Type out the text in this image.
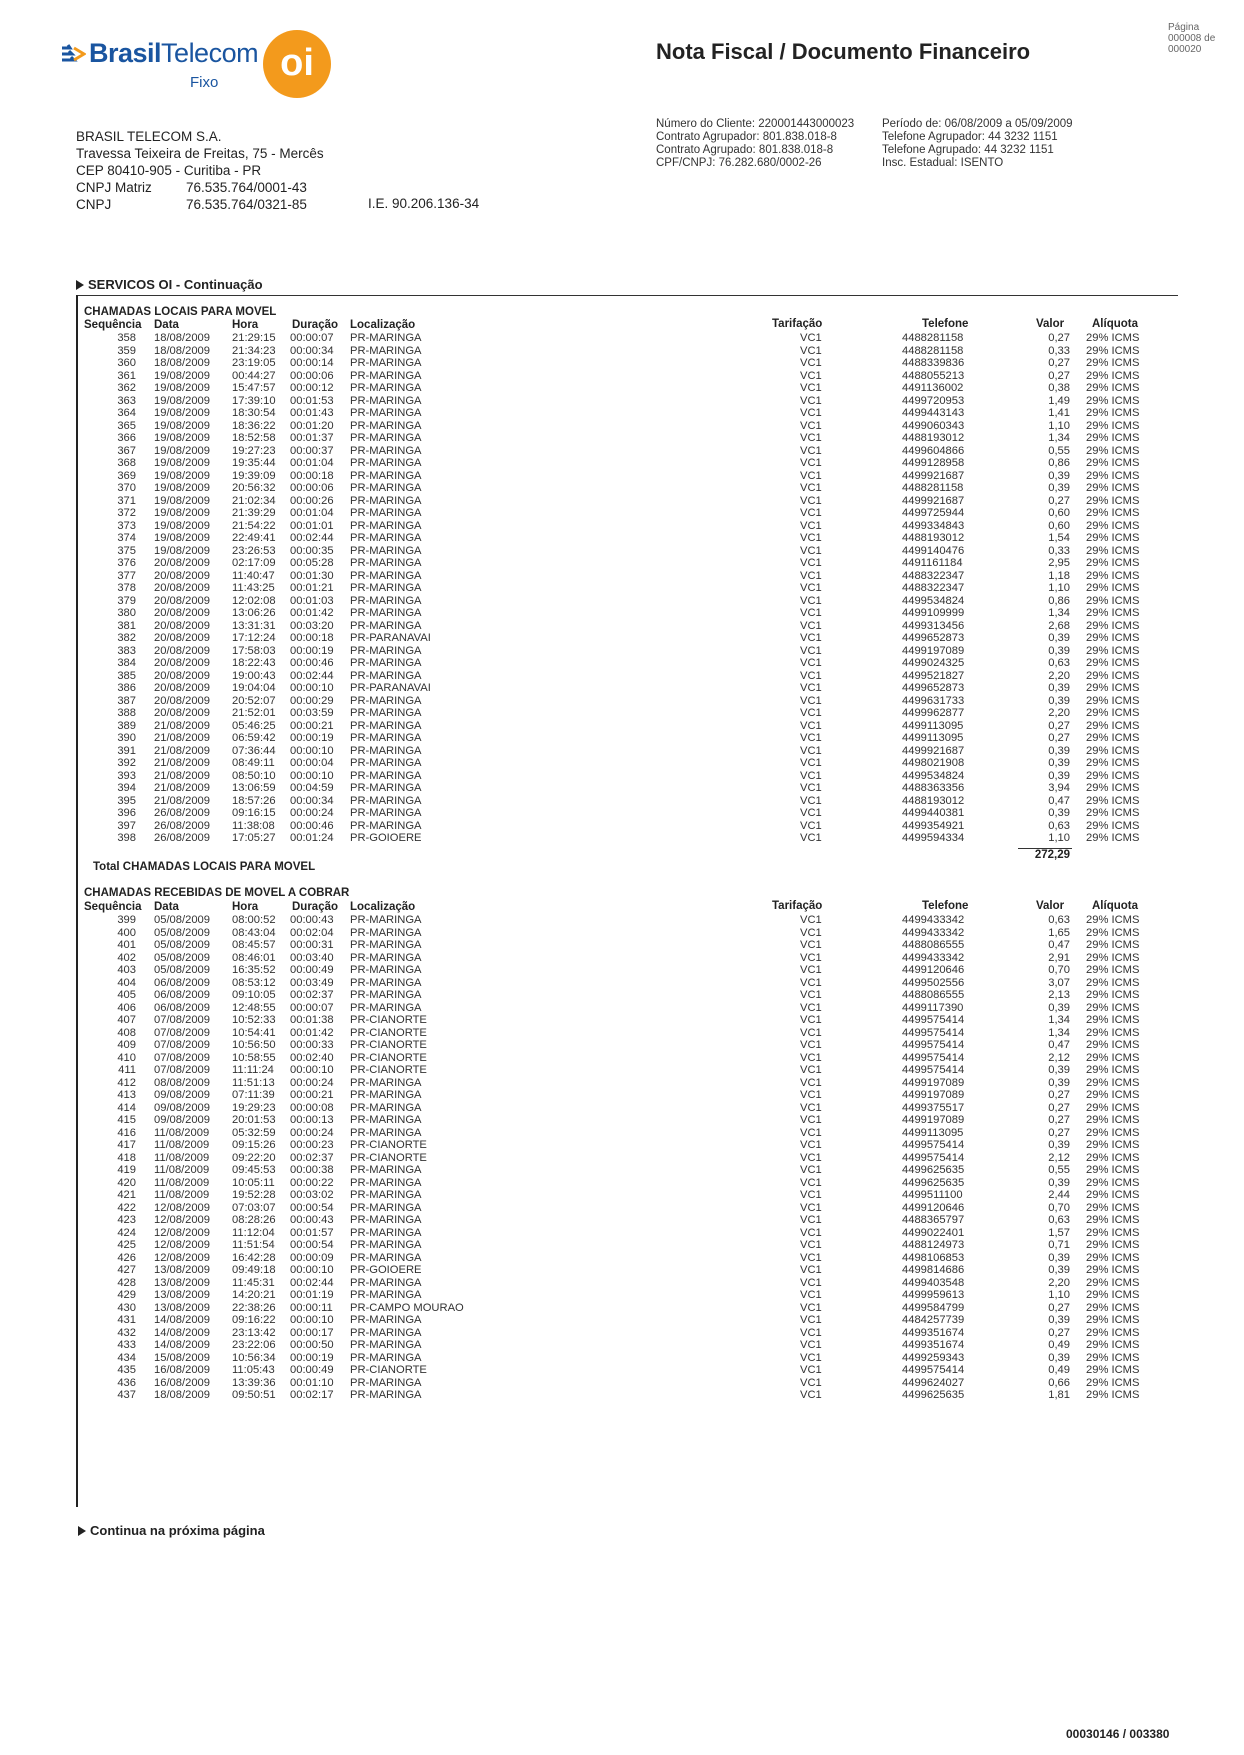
BrasilTelecom
Fixo	oi	Nota Fiscal / Documento Financeiro
Página
000008 de
000020
BRASIL TELECOM S.A.
Travessa Teixeira de Freitas, 75 - Mercês
CEP 80410-905 - Curitiba - PR
CNPJ Matriz	76.535.764/0001-43
CNPJ	76.535.764/0321-85	I.E. 90.206.136-34
Número do Cliente: 220001443000023
Contrato Agrupador: 801.838.018-8
Contrato Agrupado: 801.838.018-8
CPF/CNPJ: 76.282.680/0002-26
Período de: 06/08/2009 a 05/09/2009
Telefone Agrupador: 44 3232 1151
Telefone Agrupado: 44 3232 1151
Insc. Estadual: ISENTO
SERVICOS OI - Continuação
CHAMADAS LOCAIS PARA MOVEL
Sequência Data	Hora	Duração Localização	Tarifação	Telefone	Valor Alíquota
358 18/08/2009 21:29:15 00:00:07 PR-MARINGA	VC1	4488281158	0,27 29% ICMS
359 18/08/2009 21:34:23 00:00:34 PR-MARINGA	VC1	4488281158	0,33 29% ICMS
360 18/08/2009 23:19:05 00:00:14 PR-MARINGA	VC1	4488339836	0,27 29% ICMS
361 19/08/2009 00:44:27 00:00:06 PR-MARINGA	VC1	4488055213	0,27 29% ICMS
362 19/08/2009 15:47:57 00:00:12 PR-MARINGA	VC1	4491136002	0,38 29% ICMS
363 19/08/2009 17:39:10 00:01:53 PR-MARINGA	VC1	4499720953	1,49 29% ICMS
364 19/08/2009 18:30:54 00:01:43 PR-MARINGA	VC1	4499443143	1,41 29% ICMS
365 19/08/2009 18:36:22 00:01:20 PR-MARINGA	VC1	4499060343	1,10 29% ICMS
366 19/08/2009 18:52:58 00:01:37 PR-MARINGA	VC1	4488193012	1,34 29% ICMS
367 19/08/2009 19:27:23 00:00:37 PR-MARINGA	VC1	4499604866	0,55 29% ICMS
368 19/08/2009 19:35:44 00:01:04 PR-MARINGA	VC1	4499128958	0,86 29% ICMS
369 19/08/2009 19:39:09 00:00:18 PR-MARINGA	VC1	4499921687	0,39 29% ICMS
370 19/08/2009 20:56:32 00:00:06 PR-MARINGA	VC1	4488281158	0,39 29% ICMS
371 19/08/2009 21:02:34 00:00:26 PR-MARINGA	VC1	4499921687	0,27 29% ICMS
372 19/08/2009 21:39:29 00:01:04 PR-MARINGA	VC1	4499725944	0,60 29% ICMS
373 19/08/2009 21:54:22 00:01:01 PR-MARINGA	VC1	4499334843	0,60 29% ICMS
374 19/08/2009 22:49:41 00:02:44 PR-MARINGA	VC1	4488193012	1,54 29% ICMS
375 19/08/2009 23:26:53 00:00:35 PR-MARINGA	VC1	4499140476	0,33 29% ICMS
376 20/08/2009 02:17:09 00:05:28 PR-MARINGA	VC1	4491161184	2,95 29% ICMS
377 20/08/2009 11:40:47 00:01:30 PR-MARINGA	VC1	4488322347	1,18 29% ICMS
378 20/08/2009 11:43:25 00:01:21 PR-MARINGA	VC1	4488322347	1,10 29% ICMS
379 20/08/2009 12:02:08 00:01:03 PR-MARINGA	VC1	4499534824	0,86 29% ICMS
380 20/08/2009 13:06:26 00:01:42 PR-MARINGA	VC1	4499109999	1,34 29% ICMS
381 20/08/2009 13:31:31 00:03:20 PR-MARINGA	VC1	4499313456	2,68 29% ICMS
382 20/08/2009 17:12:24 00:00:18 PR-PARANAVAI	VC1	4499652873	0,39 29% ICMS
383 20/08/2009 17:58:03 00:00:19 PR-MARINGA	VC1	4499197089	0,39 29% ICMS
384 20/08/2009 18:22:43 00:00:46 PR-MARINGA	VC1	4499024325	0,63 29% ICMS
385 20/08/2009 19:00:43 00:02:44 PR-MARINGA	VC1	4499521827	2,20 29% ICMS
386 20/08/2009 19:04:04 00:00:10 PR-PARANAVAI	VC1	4499652873	0,39 29% ICMS
387 20/08/2009 20:52:07 00:00:29 PR-MARINGA	VC1	4499631733	0,39 29% ICMS
388 20/08/2009 21:52:01 00:03:59 PR-MARINGA	VC1	4499962877	2,20 29% ICMS
389 21/08/2009 05:46:25 00:00:21 PR-MARINGA	VC1	4499113095	0,27 29% ICMS
390 21/08/2009 06:59:42 00:00:19 PR-MARINGA	VC1	4499113095	0,27 29% ICMS
391 21/08/2009 07:36:44 00:00:10 PR-MARINGA	VC1	4499921687	0,39 29% ICMS
392 21/08/2009 08:49:11 00:00:04 PR-MARINGA	VC1	4498021908	0,39 29% ICMS
393 21/08/2009 08:50:10 00:00:10 PR-MARINGA	VC1	4499534824	0,39 29% ICMS
394 21/08/2009 13:06:59 00:04:59 PR-MARINGA	VC1	4488363356	3,94 29% ICMS
395 21/08/2009 18:57:26 00:00:34 PR-MARINGA	VC1	4488193012	0,47 29% ICMS
396 26/08/2009 09:16:15 00:00:24 PR-MARINGA	VC1	4499440381	0,39 29% ICMS
397 26/08/2009 11:38:08 00:00:46 PR-MARINGA	VC1	4499354921	0,63 29% ICMS
398 26/08/2009 17:05:27 00:01:24 PR-GOIOERE	VC1	4499594334	1,10 29% ICMS
272,29
Total CHAMADAS LOCAIS PARA MOVEL
CHAMADAS RECEBIDAS DE MOVEL A COBRAR
Sequência Data	Hora	Duração Localização	Tarifação	Telefone	Valor Alíquota
399 05/08/2009 08:00:52 00:00:43 PR-MARINGA	VC1	4499433342	0,63 29% ICMS
400 05/08/2009 08:43:04 00:02:04 PR-MARINGA	VC1	4499433342	1,65 29% ICMS
401 05/08/2009 08:45:57 00:00:31 PR-MARINGA	VC1	4488086555	0,47 29% ICMS
402 05/08/2009 08:46:01 00:03:40 PR-MARINGA	VC1	4499433342	2,91 29% ICMS
403 05/08/2009 16:35:52 00:00:49 PR-MARINGA	VC1	4499120646	0,70 29% ICMS
404 06/08/2009 08:53:12 00:03:49 PR-MARINGA	VC1	4499502556	3,07 29% ICMS
405 06/08/2009 09:10:05 00:02:37 PR-MARINGA	VC1	4488086555	2,13 29% ICMS
406 06/08/2009 12:48:55 00:00:07 PR-MARINGA	VC1	4499117390	0,39 29% ICMS
407 07/08/2009 10:52:33 00:01:38 PR-CIANORTE	VC1	4499575414	1,34 29% ICMS
408 07/08/2009 10:54:41 00:01:42 PR-CIANORTE	VC1	4499575414	1,34 29% ICMS
409 07/08/2009 10:56:50 00:00:33 PR-CIANORTE	VC1	4499575414	0,47 29% ICMS
410 07/08/2009 10:58:55 00:02:40 PR-CIANORTE	VC1	4499575414	2,12 29% ICMS
411 07/08/2009 11:11:24 00:00:10 PR-CIANORTE	VC1	4499575414	0,39 29% ICMS
412 08/08/2009 11:51:13 00:00:24 PR-MARINGA	VC1	4499197089	0,39 29% ICMS
413 09/08/2009 07:11:39 00:00:21 PR-MARINGA	VC1	4499197089	0,27 29% ICMS
414 09/08/2009 19:29:23 00:00:08 PR-MARINGA	VC1	4499375517	0,27 29% ICMS
415 09/08/2009 20:01:53 00:00:13 PR-MARINGA	VC1	4499197089	0,27 29% ICMS
416 11/08/2009 05:32:59 00:00:24 PR-MARINGA	VC1	4499113095	0,27 29% ICMS
417 11/08/2009 09:15:26 00:00:23 PR-CIANORTE	VC1	4499575414	0,39 29% ICMS
418 11/08/2009 09:22:20 00:02:37 PR-CIANORTE	VC1	4499575414	2,12 29% ICMS
419 11/08/2009 09:45:53 00:00:38 PR-MARINGA	VC1	4499625635	0,55 29% ICMS
420 11/08/2009 10:05:11 00:00:22 PR-MARINGA	VC1	4499625635	0,39 29% ICMS
421 11/08/2009 19:52:28 00:03:02 PR-MARINGA	VC1	4499511100	2,44 29% ICMS
422 12/08/2009 07:03:07 00:00:54 PR-MARINGA	VC1	4499120646	0,70 29% ICMS
423 12/08/2009 08:28:26 00:00:43 PR-MARINGA	VC1	4488365797	0,63 29% ICMS
424 12/08/2009 11:12:04 00:01:57 PR-MARINGA	VC1	4499022401	1,57 29% ICMS
425 12/08/2009 11:51:54 00:00:54 PR-MARINGA	VC1	4488124973	0,71 29% ICMS
426 12/08/2009 16:42:28 00:00:09 PR-MARINGA	VC1	4498106853	0,39 29% ICMS
427 13/08/2009 09:49:18 00:00:10 PR-GOIOERE	VC1	4499814686	0,39 29% ICMS
428 13/08/2009 11:45:31 00:02:44 PR-MARINGA	VC1	4499403548	2,20 29% ICMS
429 13/08/2009 14:20:21 00:01:19 PR-MARINGA	VC1	4499959613	1,10 29% ICMS
430 13/08/2009 22:38:26 00:00:11 PR-CAMPO MOURAO	VC1	4499584799	0,27 29% ICMS
431 14/08/2009 09:16:22 00:00:10 PR-MARINGA	VC1	4484257739	0,39 29% ICMS
432 14/08/2009 23:13:42 00:00:17 PR-MARINGA	VC1	4499351674	0,27 29% ICMS
433 14/08/2009 23:22:06 00:00:50 PR-MARINGA	VC1	4499351674	0,49 29% ICMS
434 15/08/2009 10:56:34 00:00:19 PR-MARINGA	VC1	4499259343	0,39 29% ICMS
435 16/08/2009 11:05:43 00:00:49 PR-CIANORTE	VC1	4499575414	0,49 29% ICMS
436 16/08/2009 13:39:36 00:01:10 PR-MARINGA	VC1	4499624027	0,66 29% ICMS
437 18/08/2009 09:50:51 00:02:17 PR-MARINGA	VC1	4499625635	1,81 29% ICMS
Continua na próxima página
00030146 / 003380
